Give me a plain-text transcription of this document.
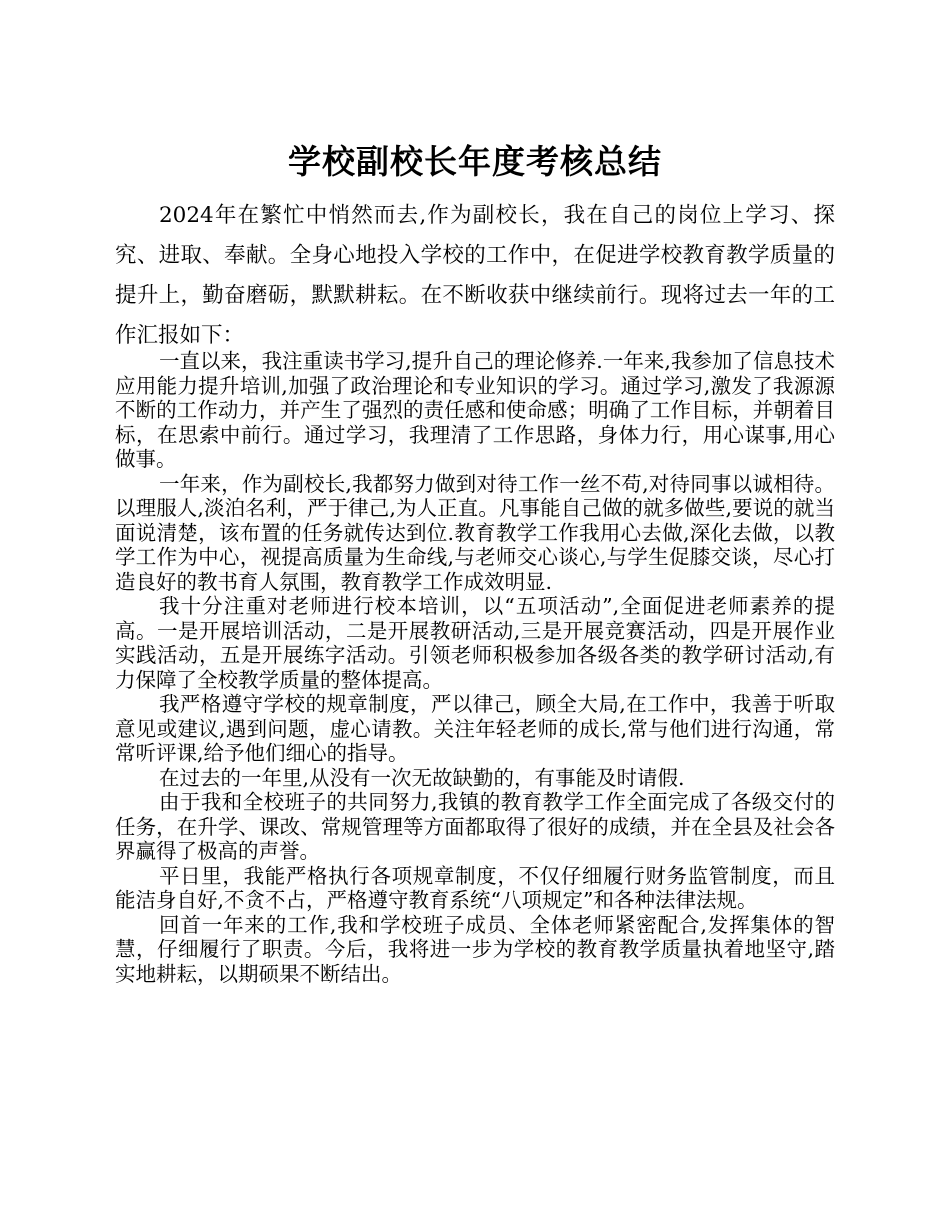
学校副校长年度考核总结

2024年在繁忙中悄然而去,作为副校长，我在自己的岗位上学习、探究、进取、奉献。全身心地投入学校的工作中，在促进学校教育教学质量的提升上，勤奋磨砺，默默耕耘。在不断收获中继续前行。现将过去一年的工作汇报如下：

一直以来，我注重读书学习,提升自己的理论修养.一年来,我参加了信息技术应用能力提升培训,加强了政治理论和专业知识的学习。通过学习,激发了我源源不断的工作动力，并产生了强烈的责任感和使命感；明确了工作目标，并朝着目标，在思索中前行。通过学习，我理清了工作思路，身体力行，用心谋事,用心做事。

一年来，作为副校长,我都努力做到对待工作一丝不苟,对待同事以诚相待。以理服人,淡泊名利，严于律己,为人正直。凡事能自己做的就多做些,要说的就当面说清楚，该布置的任务就传达到位.教育教学工作我用心去做,深化去做，以教学工作为中心，视提高质量为生命线,与老师交心谈心,与学生促膝交谈，尽心打造良好的教书育人氛围，教育教学工作成效明显.

我十分注重对老师进行校本培训，以“五项活动”,全面促进老师素养的提高。一是开展培训活动，二是开展教研活动,三是开展竞赛活动，四是开展作业实践活动，五是开展练字活动。引领老师积极参加各级各类的教学研讨活动,有力保障了全校教学质量的整体提高。

我严格遵守学校的规章制度，严以律己，顾全大局,在工作中，我善于听取意见或建议,遇到问题，虚心请教。关注年轻老师的成长,常与他们进行沟通，常常听评课,给予他们细心的指导。

在过去的一年里,从没有一次无故缺勤的，有事能及时请假.

由于我和全校班子的共同努力,我镇的教育教学工作全面完成了各级交付的任务，在升学、课改、常规管理等方面都取得了很好的成绩，并在全县及社会各界赢得了极高的声誉。

平日里，我能严格执行各项规章制度，不仅仔细履行财务监管制度，而且能洁身自好,不贪不占，严格遵守教育系统“八项规定”和各种法律法规。

回首一年来的工作,我和学校班子成员、全体老师紧密配合,发挥集体的智慧，仔细履行了职责。今后，我将进一步为学校的教育教学质量执着地坚守,踏实地耕耘，以期硕果不断结出。
